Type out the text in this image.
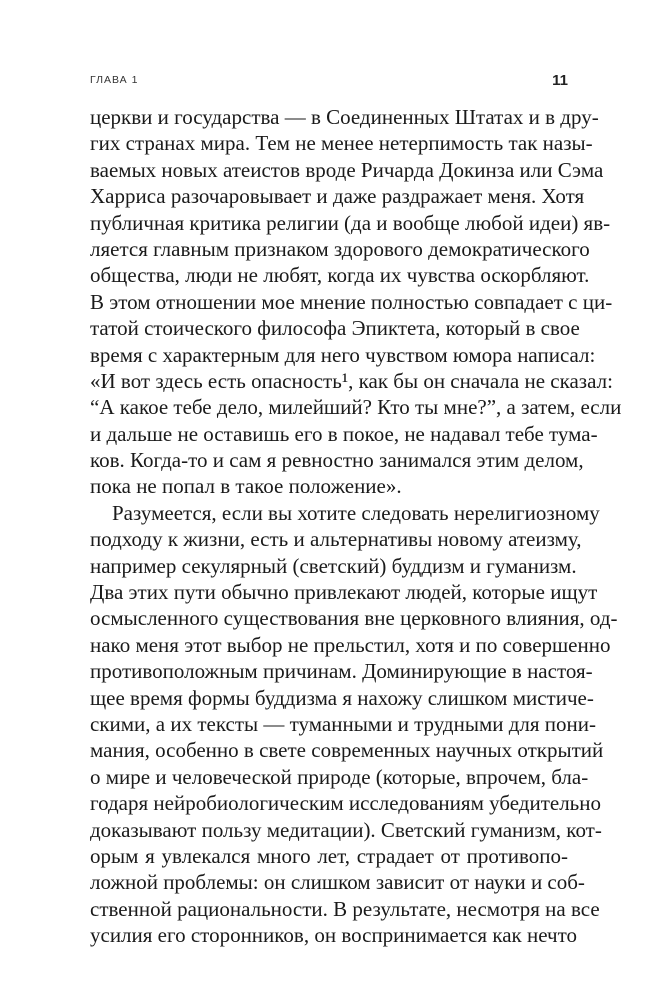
ГЛАВА 1	11
церкви и государства — в Соединенных Штатах и в дру-
гих странах мира. Тем не менее нетерпимость так назы-
ваемых новых атеистов вроде Ричарда Докинза или Сэма
Харриса разочаровывает и даже раздражает меня. Хотя
публичная критика религии (да и вообще любой идеи) яв-
ляется главным признаком здорового демократического
общества, люди не любят, когда их чувства оскорбляют.
В этом отношении мое мнение полностью совпадает с ци-
татой стоического философа Эпиктета, который в свое
время с характерным для него чувством юмора написал:
«И вот здесь есть опасность¹, как бы он сначала не сказал:
“А какое тебе дело, милейший? Кто ты мне?”, а затем, если
и дальше не оставишь его в покое, не надавал тебе тума-
ков. Когда-то и сам я ревностно занимался этим делом,
пока не попал в такое положение».
Разумеется, если вы хотите следовать нерелигиозному
подходу к жизни, есть и альтернативы новому атеизму,
например секулярный (светский) буддизм и гуманизм.
Два этих пути обычно привлекают людей, которые ищут
осмысленного существования вне церковного влияния, од-
нако меня этот выбор не прельстил, хотя и по совершенно
противоположным причинам. Доминирующие в настоя-
щее время формы буддизма я нахожу слишком мистиче-
скими, а их тексты — туманными и трудными для пони-
мания, особенно в свете современных научных открытий
о мире и человеческой природе (которые, впрочем, бла-
годаря нейробиологическим исследованиям убедительно
доказывают пользу медитации). Светский гуманизм, кот-
орым я увлекался много лет, страдает от противопо-
ложной проблемы: он слишком зависит от науки и соб-
ственной рациональности. В результате, несмотря на все
усилия его сторонников, он воспринимается как нечто
